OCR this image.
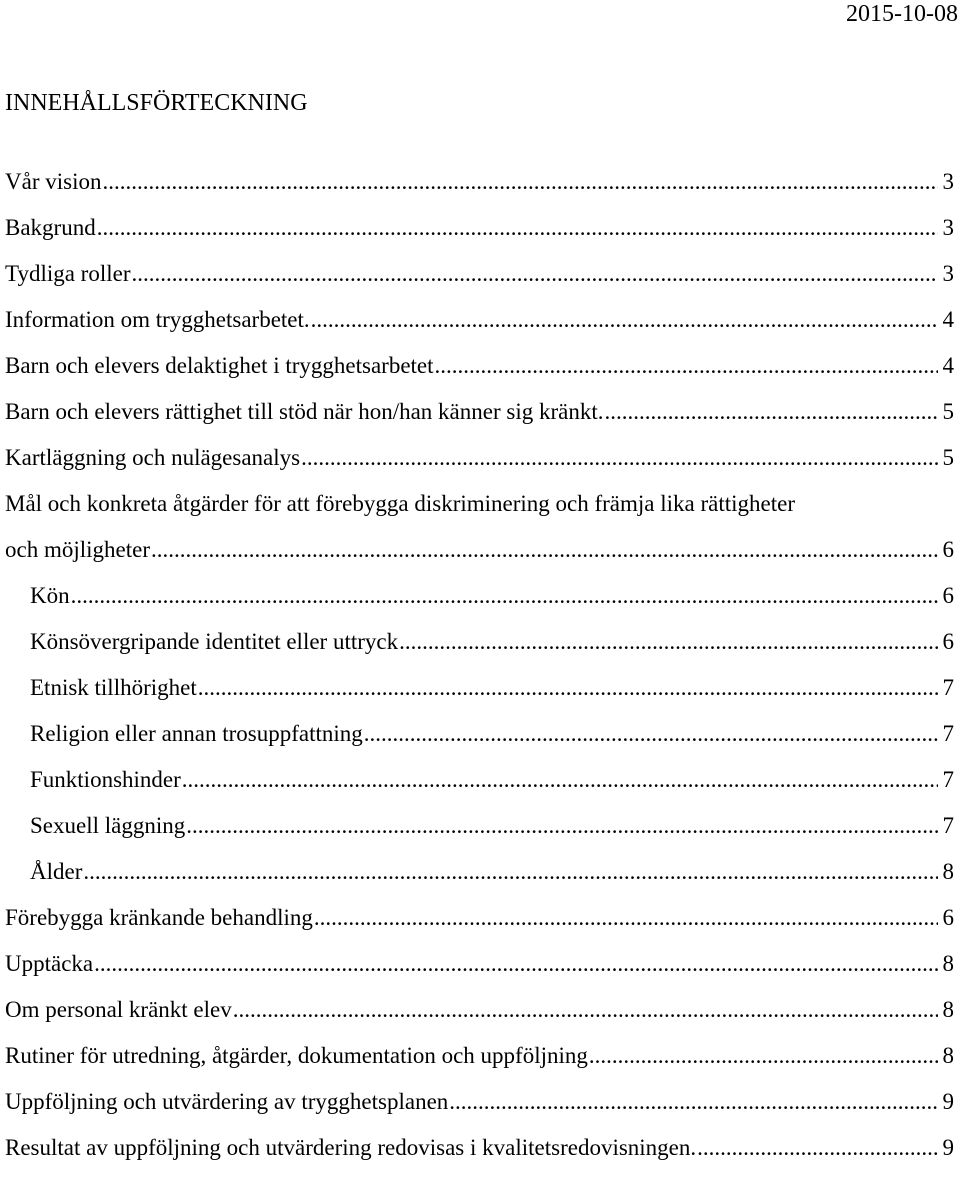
2015-10-08
INNEHÅLLSFÖRTECKNING
Vår vision .....	3
Bakgrund .....	3
Tydliga roller .....	3
Information om trygghetsarbetet. .....	4
Barn och elevers delaktighet i trygghetsarbetet .....	4
Barn och elevers rättighet till stöd när hon/han känner sig kränkt. .....	5
Kartläggning och nulägesanalys .....	5
Mål och konkreta åtgärder för att förebygga diskriminering och främja lika rättigheter
och möjligheter .....	6
Kön .....	6
Könsövergripande identitet eller uttryck .....	6
Etnisk tillhörighet .....	7
Religion eller annan trosuppfattning .....	7
Funktionshinder .....	7
Sexuell läggning .....	7
Ålder .....	8
Förebygga kränkande behandling .....	6
Upptäcka .....	8
Om personal kränkt elev .....	8
Rutiner för utredning, åtgärder, dokumentation och uppföljning .....	8
Uppföljning och utvärdering av trygghetsplanen .....	9
Resultat av uppföljning och utvärdering redovisas i kvalitetsredovisningen. .....	9
